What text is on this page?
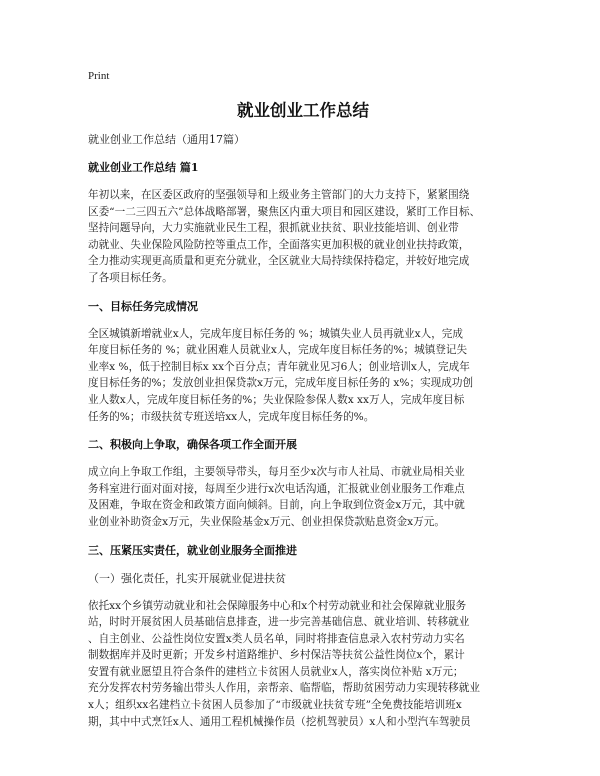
Print
就业创业工作总结
就业创业工作总结（通用17篇）
就业创业工作总结 篇1
年初以来，在区委区政府的坚强领导和上级业务主管部门的大力支持下，紧紧围绕
区委“一二三四五六”总体战略部署，聚焦区内重大项目和园区建设，紧盯工作目标、
坚持问题导向，大力实施就业民生工程，狠抓就业扶贫、职业技能培训、创业带
动就业、失业保险风险防控等重点工作，全面落实更加积极的就业创业扶持政策，
全力推动实现更高质量和更充分就业，全区就业大局持续保持稳定，并较好地完成
了各项目标任务。
一、目标任务完成情况
全区城镇新增就业x人，完成年度目标任务的 %；城镇失业人员再就业x人，完成
年度目标任务的 %；就业困难人员就业x人，完成年度目标任务的%；城镇登记失
业率x %，低于控制目标x xx个百分点；青年就业见习6人；创业培训x人，完成年
度目标任务的%；发放创业担保贷款x万元，完成年度目标任务的 x%；实现成功创
业人数x人，完成年度目标任务的%；失业保险参保人数x xx万人，完成年度目标
任务的%；市级扶贫专班送培xx人，完成年度目标任务的%。
二、积极向上争取，确保各项工作全面开展
成立向上争取工作组，主要领导带头，每月至少x次与市人社局、市就业局相关业
务科室进行面对面对接，每周至少进行x次电话沟通，汇报就业创业服务工作难点
及困难，争取在资金和政策方面向倾斜。目前，向上争取到位资金x万元，其中就
业创业补助资金x万元，失业保险基金x万元、创业担保贷款贴息资金x万元。
三、压紧压实责任，就业创业服务全面推进
（一）强化责任，扎实开展就业促进扶贫
依托xx个乡镇劳动就业和社会保障服务中心和x个村劳动就业和社会保障就业服务
站，时时开展贫困人员基础信息排查，进一步完善基础信息、就业培训、转移就业
、自主创业、公益性岗位安置x类人员名单，同时将排查信息录入农村劳动力实名
制数据库并及时更新；开发乡村道路维护、乡村保洁等扶贫公益性岗位x个，累计
安置有就业愿望且符合条件的建档立卡贫困人员就业x人，落实岗位补贴 x万元；
充分发挥农村劳务输出带头人作用，亲帮亲、临帮临，帮助贫困劳动力实现转移就业
x人；组织xx名建档立卡贫困人员参加了“市级就业扶贫专班”全免费技能培训班x
期，其中中式烹饪x人、通用工程机械操作员（挖机驾驶员）x人和小型汽车驾驶员
